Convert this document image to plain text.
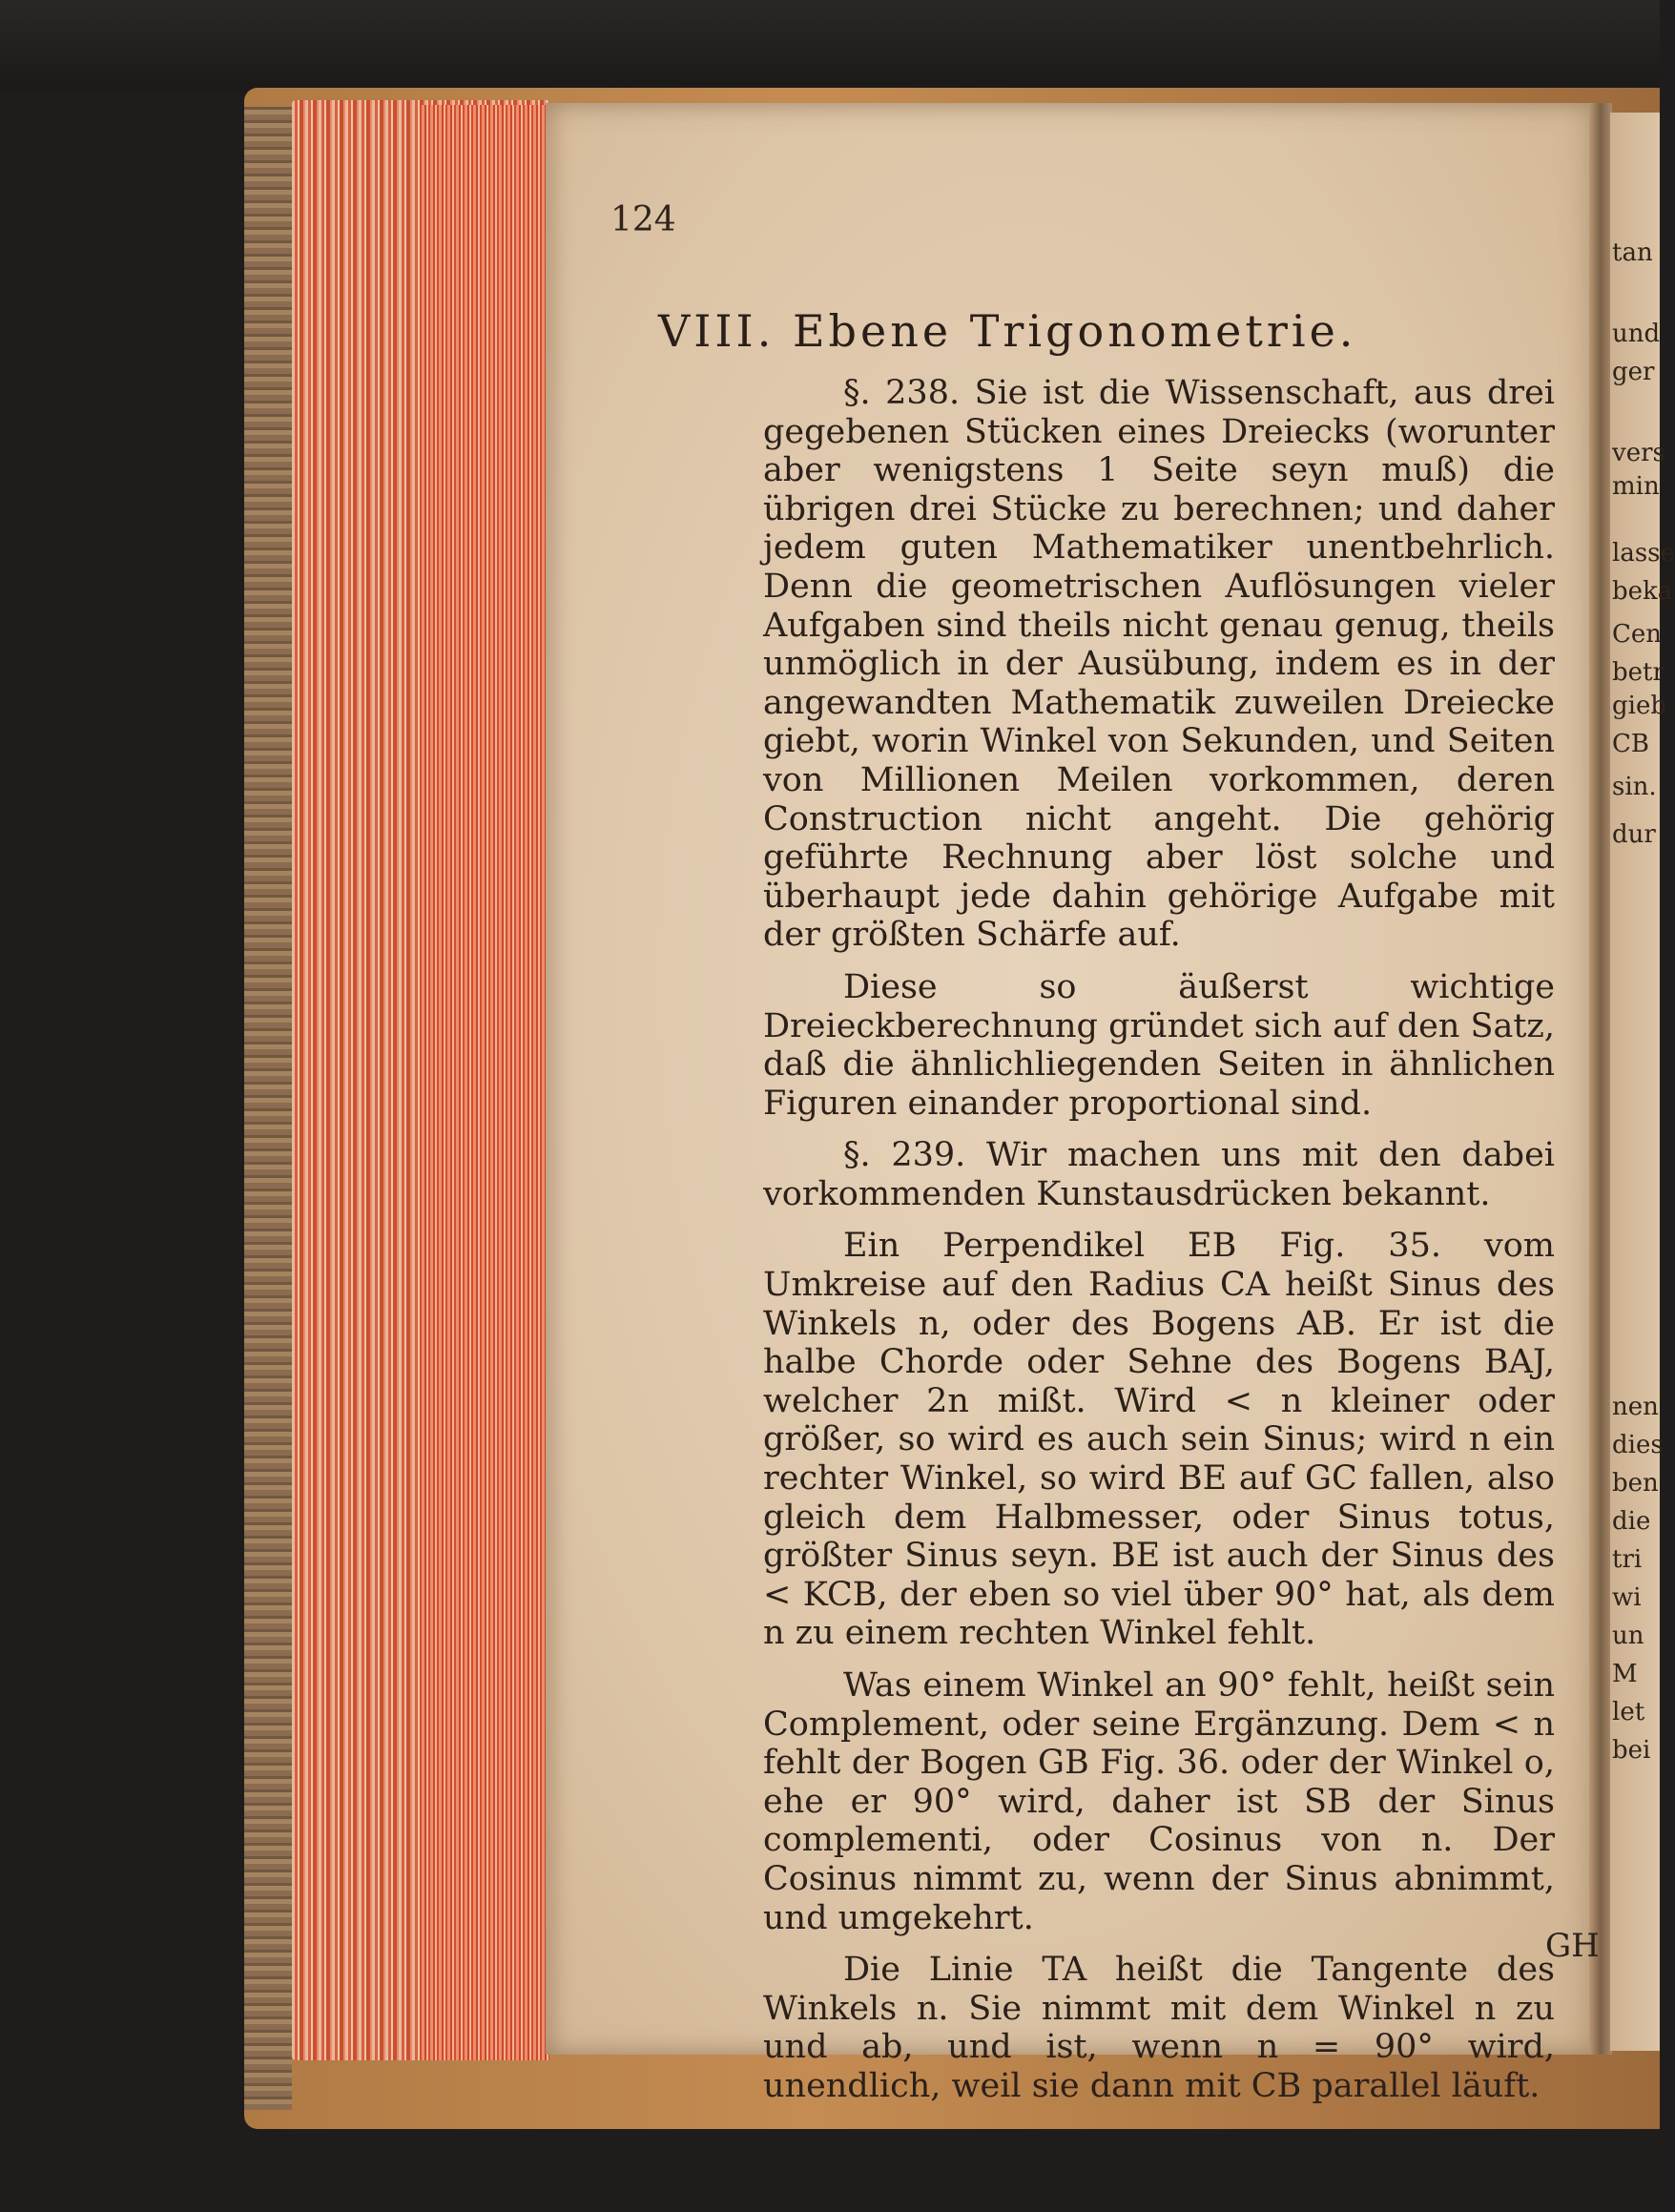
tan
und
ger
vers
min
lasse
beka
Cen
betr
gieb
CB
sin.
dur
nen
dies
ben
die
tri
wi
un
M
let
bei
124
VIII. Ebene Trigonometrie.

§. 238. Sie ist die Wissenschaft, aus drei gegebenen Stücken eines Dreiecks (worunter aber wenigstens 1 Seite seyn muß) die übrigen drei Stücke zu berechnen; und daher jedem guten Mathematiker unentbehrlich. Denn die geometrischen Auflösungen vieler Aufgaben sind theils nicht genau genug, theils unmöglich in der Ausübung, indem es in der angewandten Mathematik zuweilen Dreiecke giebt, worin Winkel von Sekunden, und Seiten von Millionen Meilen vorkommen, deren Construction nicht angeht. Die gehörig geführte Rechnung aber löst solche und überhaupt jede dahin gehörige Aufgabe mit der größten Schärfe auf.

Diese so äußerst wichtige Dreieckberechnung gründet sich auf den Satz, daß die ähnlichliegenden Seiten in ähnlichen Figuren einander proportional sind.

§. 239. Wir machen uns mit den dabei vorkommenden Kunstausdrücken bekannt.

Ein Perpendikel EB Fig. 35. vom Umkreise auf den Radius CA heißt Sinus des Winkels n, oder des Bogens AB. Er ist die halbe Chorde oder Sehne des Bogens BAJ, welcher 2n mißt. Wird < n kleiner oder größer, so wird es auch sein Sinus; wird n ein rechter Winkel, so wird BE auf GC fallen, also gleich dem Halbmesser, oder Sinus totus, größter Sinus seyn. BE ist auch der Sinus des < KCB, der eben so viel über 90° hat, als dem n zu einem rechten Winkel fehlt.

Was einem Winkel an 90° fehlt, heißt sein Complement, oder seine Ergänzung. Dem < n fehlt der Bogen GB Fig. 36. oder der Winkel o, ehe er 90° wird, daher ist SB der Sinus complementi, oder Cosinus von n. Der Cosinus nimmt zu, wenn der Sinus abnimmt, und umgekehrt.

Die Linie TA heißt die Tangente des Winkels n. Sie nimmt mit dem Winkel n zu und ab, und ist, wenn n = 90° wird, unendlich, weil sie dann mit CB parallel läuft.

GH
